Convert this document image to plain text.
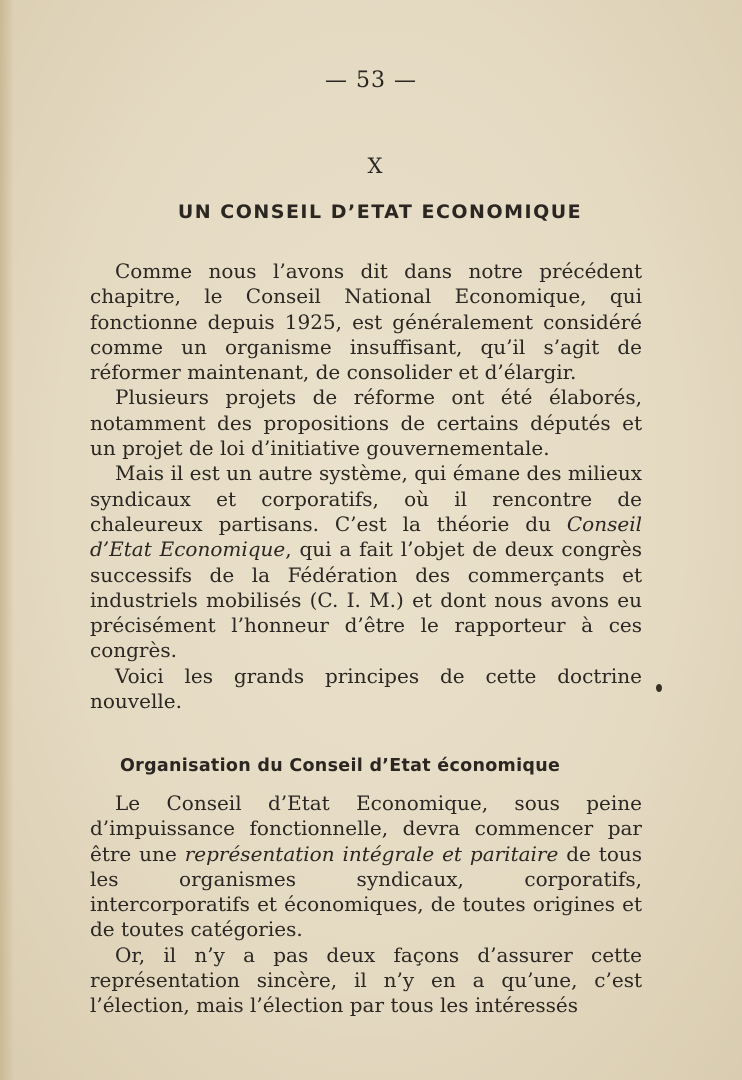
— 53 —
X
UN CONSEIL D’ETAT ECONOMIQUE

Comme nous l’avons dit dans notre précédent chapitre, le Conseil National Economique, qui fonctionne depuis 1925, est généralement considéré comme un organisme insuffisant, qu’il s’agit de réformer maintenant, de consolider et d’élargir.

Plusieurs projets de réforme ont été élaborés, notamment des propositions de certains députés et un projet de loi d’initiative gouvernementale.

Mais il est un autre système, qui émane des milieux syndicaux et corporatifs, où il rencontre de chaleureux partisans. C’est la théorie du Conseil d’Etat Economique, qui a fait l’objet de deux congrès successifs de la Fédération des commerçants et industriels mobilisés (C. I. M.) et dont nous avons eu précisément l’honneur d’être le rapporteur à ces congrès.

Voici les grands principes de cette doctrine nouvelle.

Organisation du Conseil d’Etat économique

Le Conseil d’Etat Economique, sous peine d’impuissance fonctionnelle, devra commencer par être une représentation intégrale et paritaire de tous les organismes syndicaux, corporatifs, intercorporatifs et économiques, de toutes origines et de toutes catégories.

Or, il n’y a pas deux façons d’assurer cette représentation sincère, il n’y en a qu’une, c’est l’élection, mais l’élection par tous les intéressés
